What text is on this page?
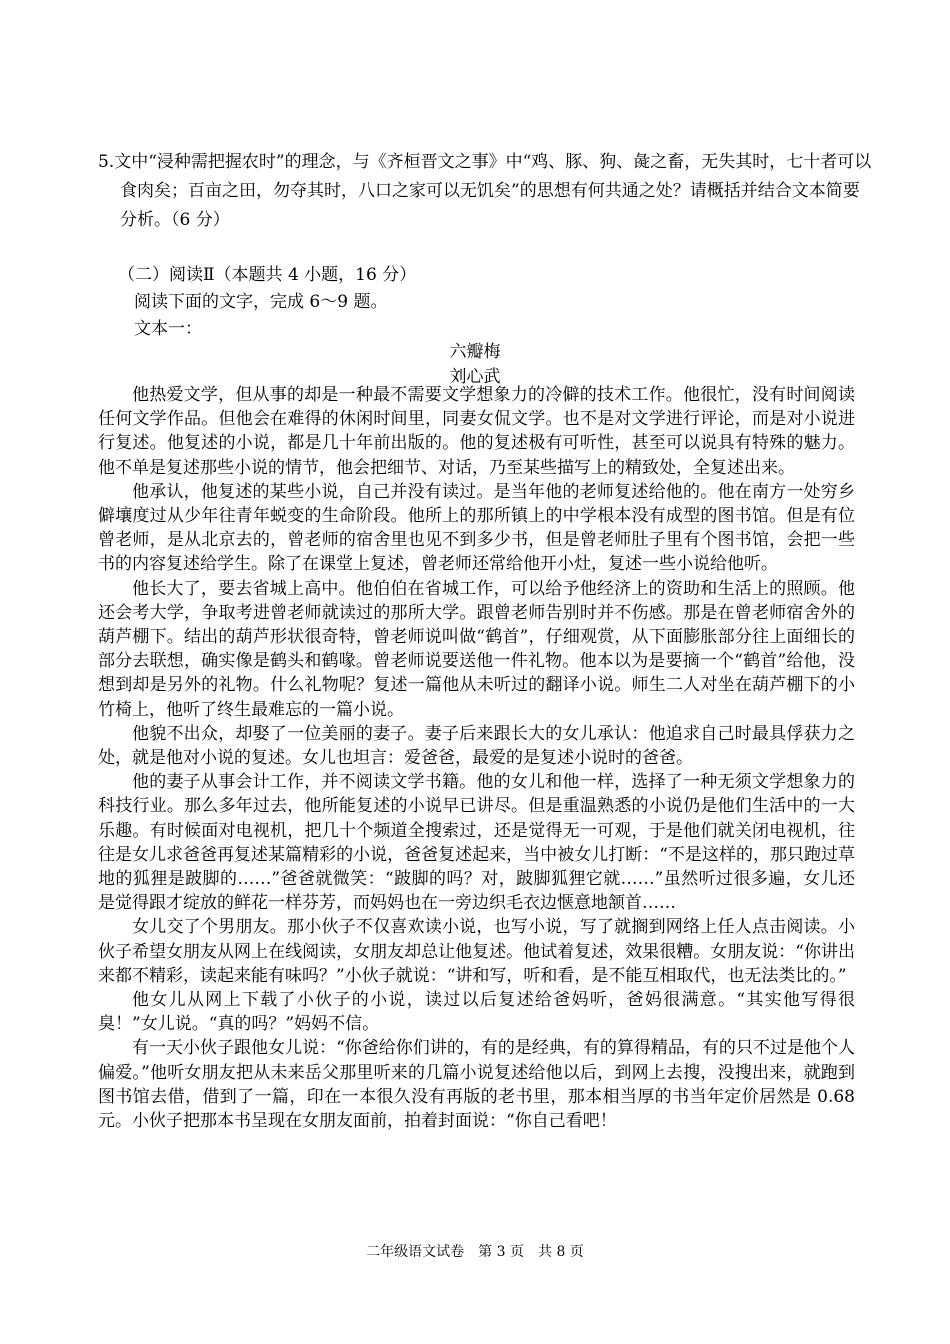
5.文中“浸种需把握农时”的理念，与《齐桓晋文之事》中“鸡、豚、狗、彘之畜，无失其时，七十者可以食肉矣；百亩之田，勿夺其时，八口之家可以无饥矣”的思想有何共通之处？请概括并结合文本简要分析。（6 分）
（二）阅读Ⅱ（本题共 4 小题，16 分）
阅读下面的文字，完成 6～9 题。
文本一：
六瓣梅
刘心武

他热爱文学，但从事的却是一种最不需要文学想象力的冷僻的技术工作。他很忙，没有时间阅读任何文学作品。但他会在难得的休闲时间里，同妻女侃文学。也不是对文学进行评论，而是对小说进行复述。他复述的小说，都是几十年前出版的。他的复述极有可听性，甚至可以说具有特殊的魅力。他不单是复述那些小说的情节，他会把细节、对话，乃至某些描写上的精致处，全复述出来。

他承认，他复述的某些小说，自己并没有读过。是当年他的老师复述给他的。他在南方一处穷乡僻壤度过从少年往青年蜕变的生命阶段。他所上的那所镇上的中学根本没有成型的图书馆。但是有位曾老师，是从北京去的，曾老师的宿舍里也见不到多少书，但是曾老师肚子里有个图书馆，会把一些书的内容复述给学生。除了在课堂上复述，曾老师还常给他开小灶，复述一些小说给他听。

他长大了，要去省城上高中。他伯伯在省城工作，可以给予他经济上的资助和生活上的照顾。他还会考大学，争取考进曾老师就读过的那所大学。跟曾老师告别时并不伤感。那是在曾老师宿舍外的葫芦棚下。结出的葫芦形状很奇特，曾老师说叫做“鹤首”，仔细观赏，从下面膨胀部分往上面细长的部分去联想，确实像是鹤头和鹤喙。曾老师说要送他一件礼物。他本以为是要摘一个“鹤首”给他，没想到却是另外的礼物。什么礼物呢？复述一篇他从未听过的翻译小说。师生二人对坐在葫芦棚下的小竹椅上，他听了终生最难忘的一篇小说。

他貌不出众，却娶了一位美丽的妻子。妻子后来跟长大的女儿承认：他追求自己时最具俘获力之处，就是他对小说的复述。女儿也坦言：爱爸爸，最爱的是复述小说时的爸爸。

他的妻子从事会计工作，并不阅读文学书籍。他的女儿和他一样，选择了一种无须文学想象力的科技行业。那么多年过去，他所能复述的小说早已讲尽。但是重温熟悉的小说仍是他们生活中的一大乐趣。有时候面对电视机，把几十个频道全搜索过，还是觉得无一可观，于是他们就关闭电视机，往往是女儿求爸爸再复述某篇精彩的小说，爸爸复述起来，当中被女儿打断：“不是这样的，那只跑过草地的狐狸是跛脚的……”爸爸就微笑：“跛脚的吗？对，跛脚狐狸它就……”虽然听过很多遍，女儿还是觉得跟才绽放的鲜花一样芬芳，而妈妈也在一旁边织毛衣边惬意地颔首……

女儿交了个男朋友。那小伙子不仅喜欢读小说，也写小说，写了就搁到网络上任人点击阅读。小伙子希望女朋友从网上在线阅读，女朋友却总让他复述。他试着复述，效果很糟。女朋友说：“你讲出来都不精彩，读起来能有味吗？”小伙子就说：“讲和写，听和看，是不能互相取代，也无法类比的。”

他女儿从网上下载了小伙子的小说，读过以后复述给爸妈听，爸妈很满意。“其实他写得很臭！”女儿说。“真的吗？”妈妈不信。

有一天小伙子跟他女儿说：“你爸给你们讲的，有的是经典，有的算得精品，有的只不过是他个人偏爱。”他听女朋友把从未来岳父那里听来的几篇小说复述给他以后，到网上去搜，没搜出来，就跑到图书馆去借，借到了一篇，印在一本很久没有再版的老书里，那本相当厚的书当年定价居然是 0.68 元。小伙子把那本书呈现在女朋友面前，拍着封面说：“你自己看吧！

二年级语文试卷　第 3 页　共 8 页
